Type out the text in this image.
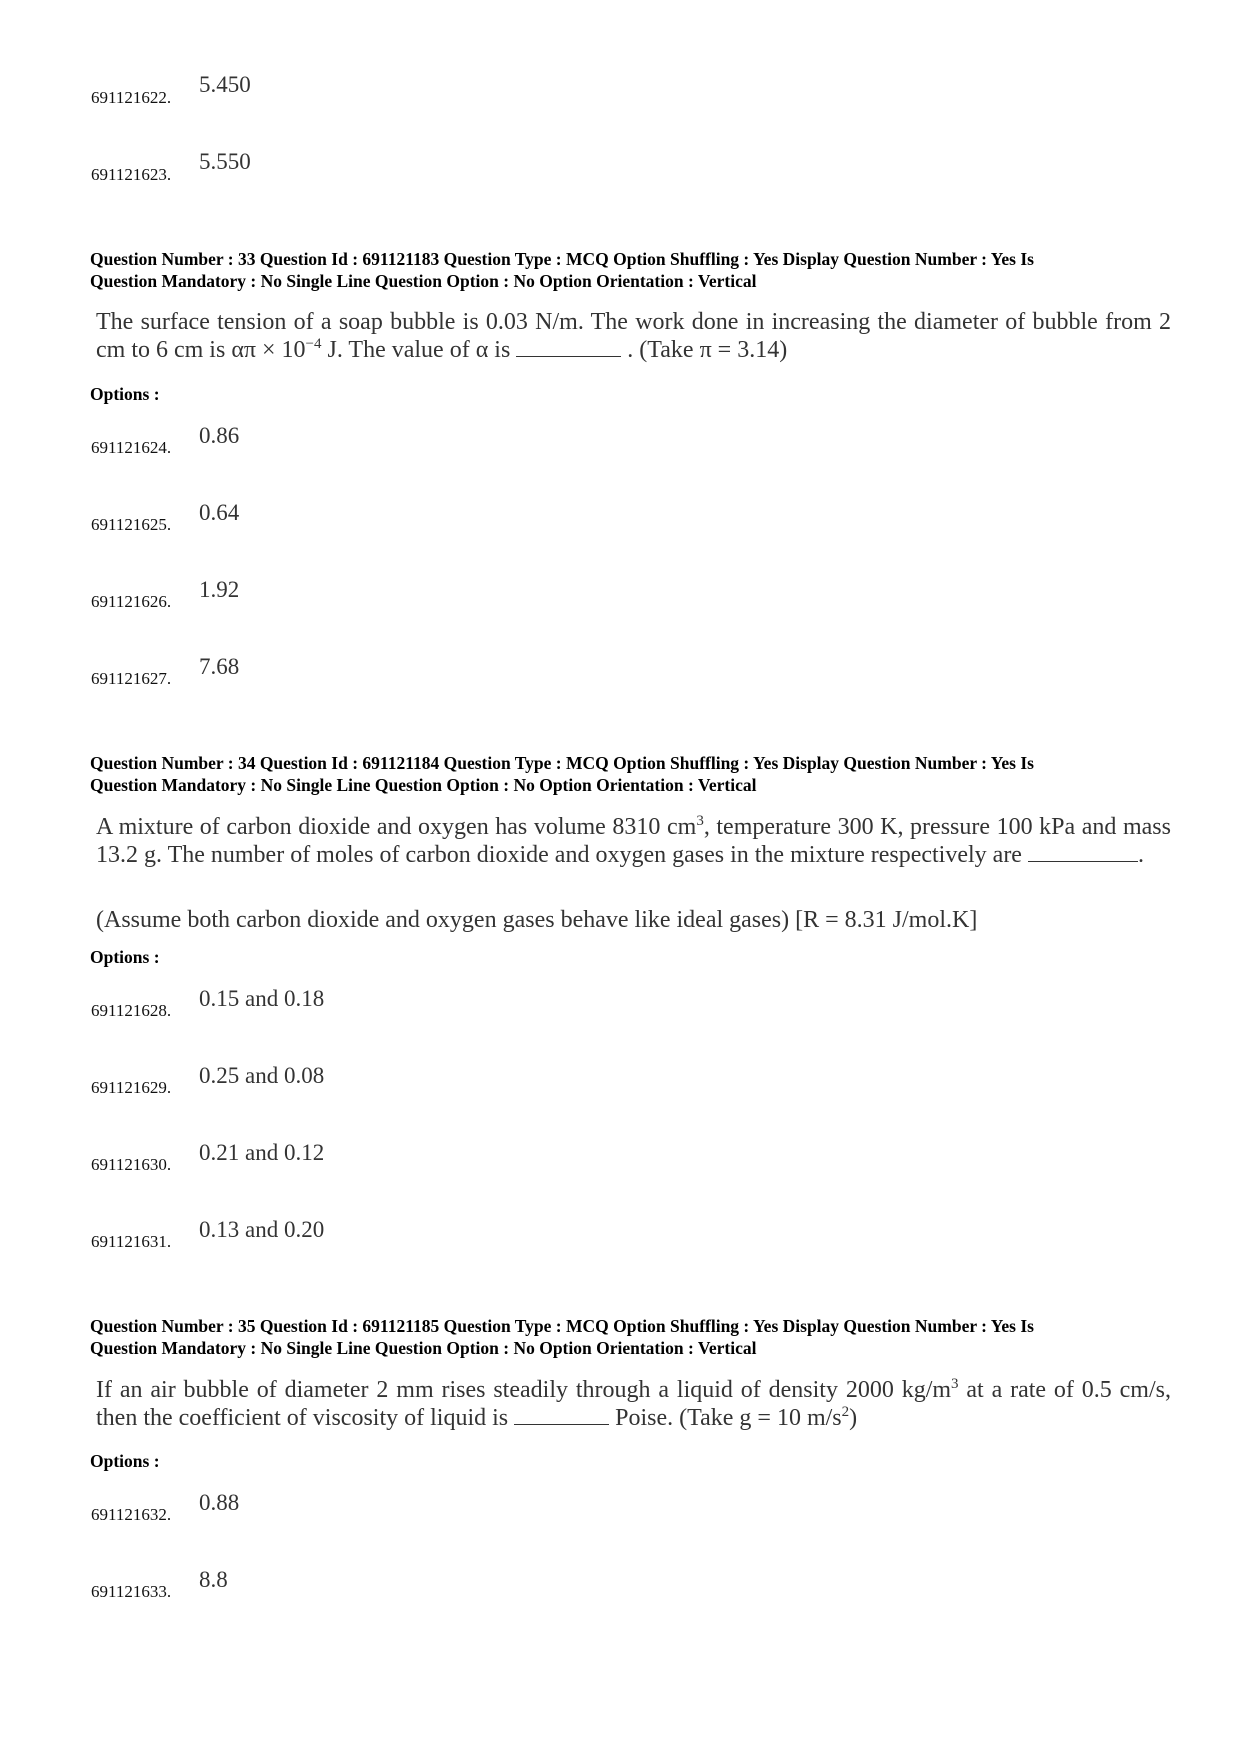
691121622.
5.450
691121623.
5.550
Question Number : 33 Question Id : 691121183 Question Type : MCQ Option Shuffling : Yes Display Question Number : Yes Is
Question Mandatory : No Single Line Question Option : No Option Orientation : Vertical
The surface tension of a soap bubble is 0.03 N/m. The work done in increasing the diameter of bubble from 2 cm to 6 cm is $\alpha\pi \times 10^{-4}$ J. The value of α is	. (Take π = 3.14)
Options :
691121624. 0.86
691121625. 0.64
691121626. 1.92
691121627. 7.68
Question Number : 34 Question Id : 691121184 Question Type : MCQ Option Shuffling : Yes Display Question Number : Yes Is
Question Mandatory : No Single Line Question Option : No Option Orientation : Vertical
A mixture of carbon dioxide and oxygen has volume 8310 $cm^3$, temperature 300 K, pressure 100 kPa and mass 13.2 g. The number of moles of carbon dioxide and oxygen gases in the mixture respectively are	.
(Assume both carbon dioxide and oxygen gases behave like ideal gases) [R = 8.31 J/mol.K]
Options :
691121628. 0.15 and 0.18
691121629. 0.25 and 0.08
691121630. 0.21 and 0.12
691121631. 0.13 and 0.20
Question Number : 35 Question Id : 691121185 Question Type : MCQ Option Shuffling : Yes Display Question Number : Yes Is
Question Mandatory : No Single Line Question Option : No Option Orientation : Vertical
If an air bubble of diameter 2 mm rises steadily through a liquid of density 2000 $kg/m^3$ at a rate of 0.5 cm/s, then the coefficient of viscosity of liquid is	Poise. (Take g = 10 $m/s^2$)
Options :
691121632. 0.88
691121633. 8.8
